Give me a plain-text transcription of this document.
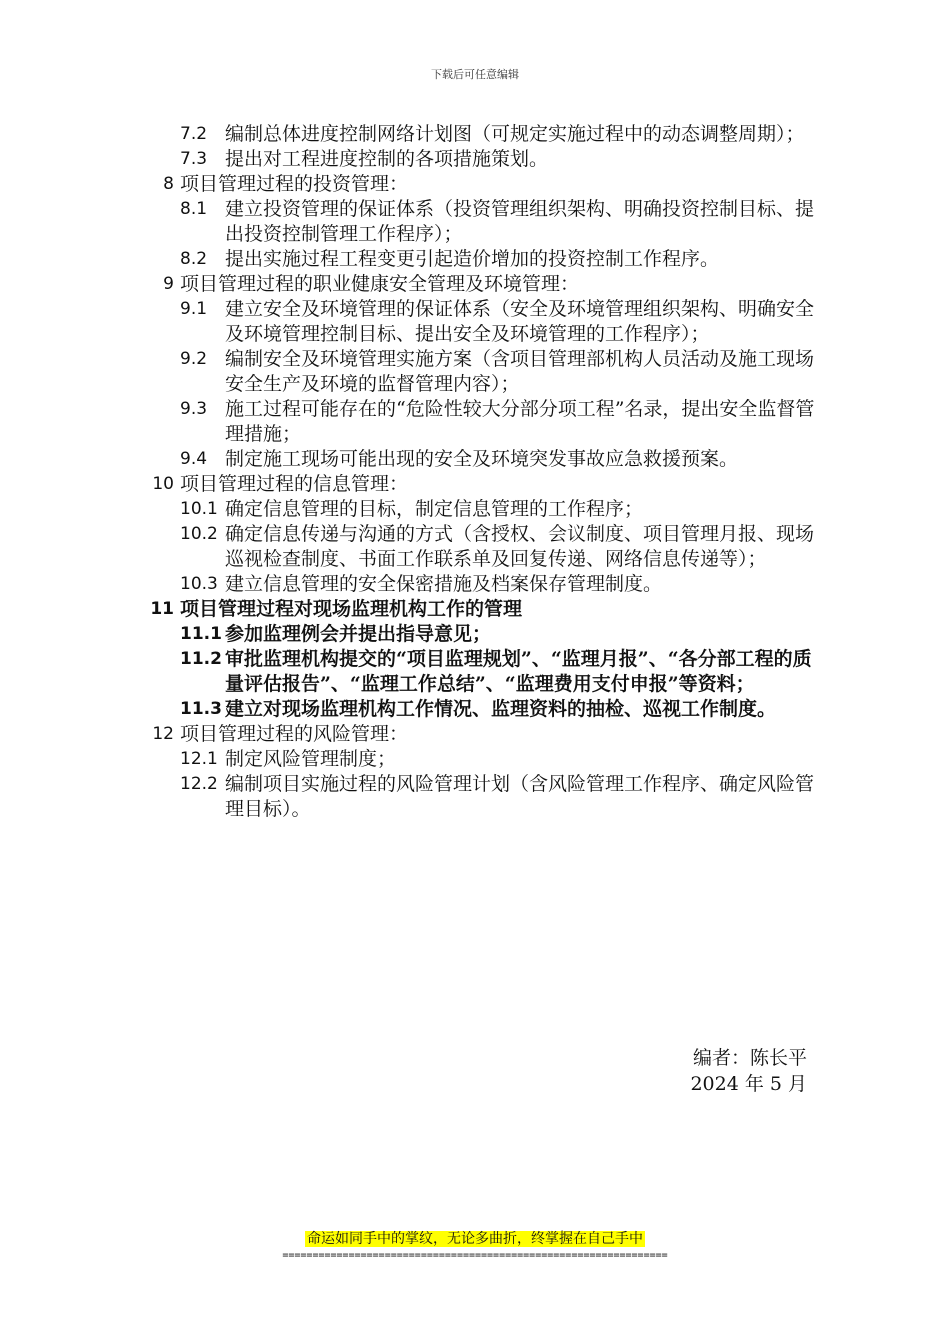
下载后可任意编辑
7.2 编制总体进度控制网络计划图（可规定实施过程中的动态调整周期）；
7.3 提出对工程进度控制的各项措施策划。
8 项目管理过程的投资管理：
8.1 建立投资管理的保证体系（投资管理组织架构、明确投资控制目标、提出投资控制管理工作程序）；
8.2 提出实施过程工程变更引起造价增加的投资控制工作程序。
9 项目管理过程的职业健康安全管理及环境管理：
9.1 建立安全及环境管理的保证体系（安全及环境管理组织架构、明确安全及环境管理控制目标、提出安全及环境管理的工作程序）；
9.2 编制安全及环境管理实施方案（含项目管理部机构人员活动及施工现场安全生产及环境的监督管理内容）；
9.3 施工过程可能存在的“危险性较大分部分项工程”名录，提出安全监督管理措施；
9.4 制定施工现场可能出现的安全及环境突发事故应急救援预案。
10 项目管理过程的信息管理：
10.1 确定信息管理的目标，制定信息管理的工作程序；
10.2 确定信息传递与沟通的方式（含授权、会议制度、项目管理月报、现场巡视检查制度、书面工作联系单及回复传递、网络信息传递等）；
10.3 建立信息管理的安全保密措施及档案保存管理制度。
11 项目管理过程对现场监理机构工作的管理
11.1 参加监理例会并提出指导意见；
11.2 审批监理机构提交的“项目监理规划”、“监理月报”、“各分部工程的质量评估报告”、“监理工作总结”、“监理费用支付申报”等资料；
11.3 建立对现场监理机构工作情况、监理资料的抽检、巡视工作制度。
12 项目管理过程的风险管理：
12.1 制定风险管理制度；
12.2 编制项目实施过程的风险管理计划（含风险管理工作程序、确定风险管理目标）。
编者：陈长平
2024 年 5 月
命运如同手中的掌纹，无论多曲折，终掌握在自己手中
================================================================
